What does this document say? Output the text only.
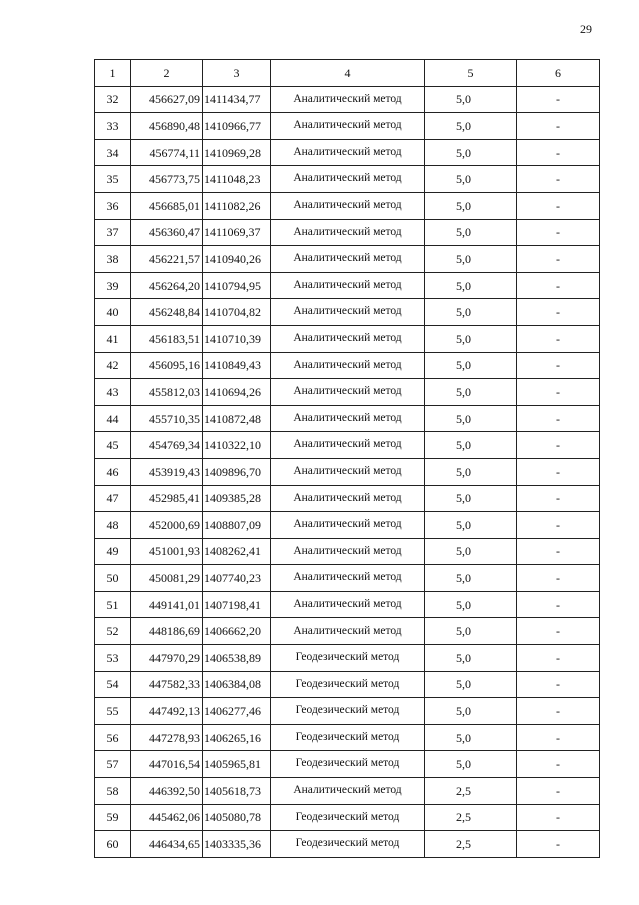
29
1	2	3	4	5	6
32	456627,09	1411434,77	Аналитический метод	5,0	-
33	456890,48	1410966,77	Аналитический метод	5,0	-
34	456774,11	1410969,28	Аналитический метод	5,0	-
35	456773,75	1411048,23	Аналитический метод	5,0	-
36	456685,01	1411082,26	Аналитический метод	5,0	-
37	456360,47	1411069,37	Аналитический метод	5,0	-
38	456221,57	1410940,26	Аналитический метод	5,0	-
39	456264,20	1410794,95	Аналитический метод	5,0	-
40	456248,84	1410704,82	Аналитический метод	5,0	-
41	456183,51	1410710,39	Аналитический метод	5,0	-
42	456095,16	1410849,43	Аналитический метод	5,0	-
43	455812,03	1410694,26	Аналитический метод	5,0	-
44	455710,35	1410872,48	Аналитический метод	5,0	-
45	454769,34	1410322,10	Аналитический метод	5,0	-
46	453919,43	1409896,70	Аналитический метод	5,0	-
47	452985,41	1409385,28	Аналитический метод	5,0	-
48	452000,69	1408807,09	Аналитический метод	5,0	-
49	451001,93	1408262,41	Аналитический метод	5,0	-
50	450081,29	1407740,23	Аналитический метод	5,0	-
51	449141,01	1407198,41	Аналитический метод	5,0	-
52	448186,69	1406662,20	Аналитический метод	5,0	-
53	447970,29	1406538,89	Геодезический метод	5,0	-
54	447582,33	1406384,08	Геодезический метод	5,0	-
55	447492,13	1406277,46	Геодезический метод	5,0	-
56	447278,93	1406265,16	Геодезический метод	5,0	-
57	447016,54	1405965,81	Геодезический метод	5,0	-
58	446392,50	1405618,73	Аналитический метод	2,5	-
59	445462,06	1405080,78	Геодезический метод	2,5	-
60	446434,65	1403335,36	Геодезический метод	2,5	-
